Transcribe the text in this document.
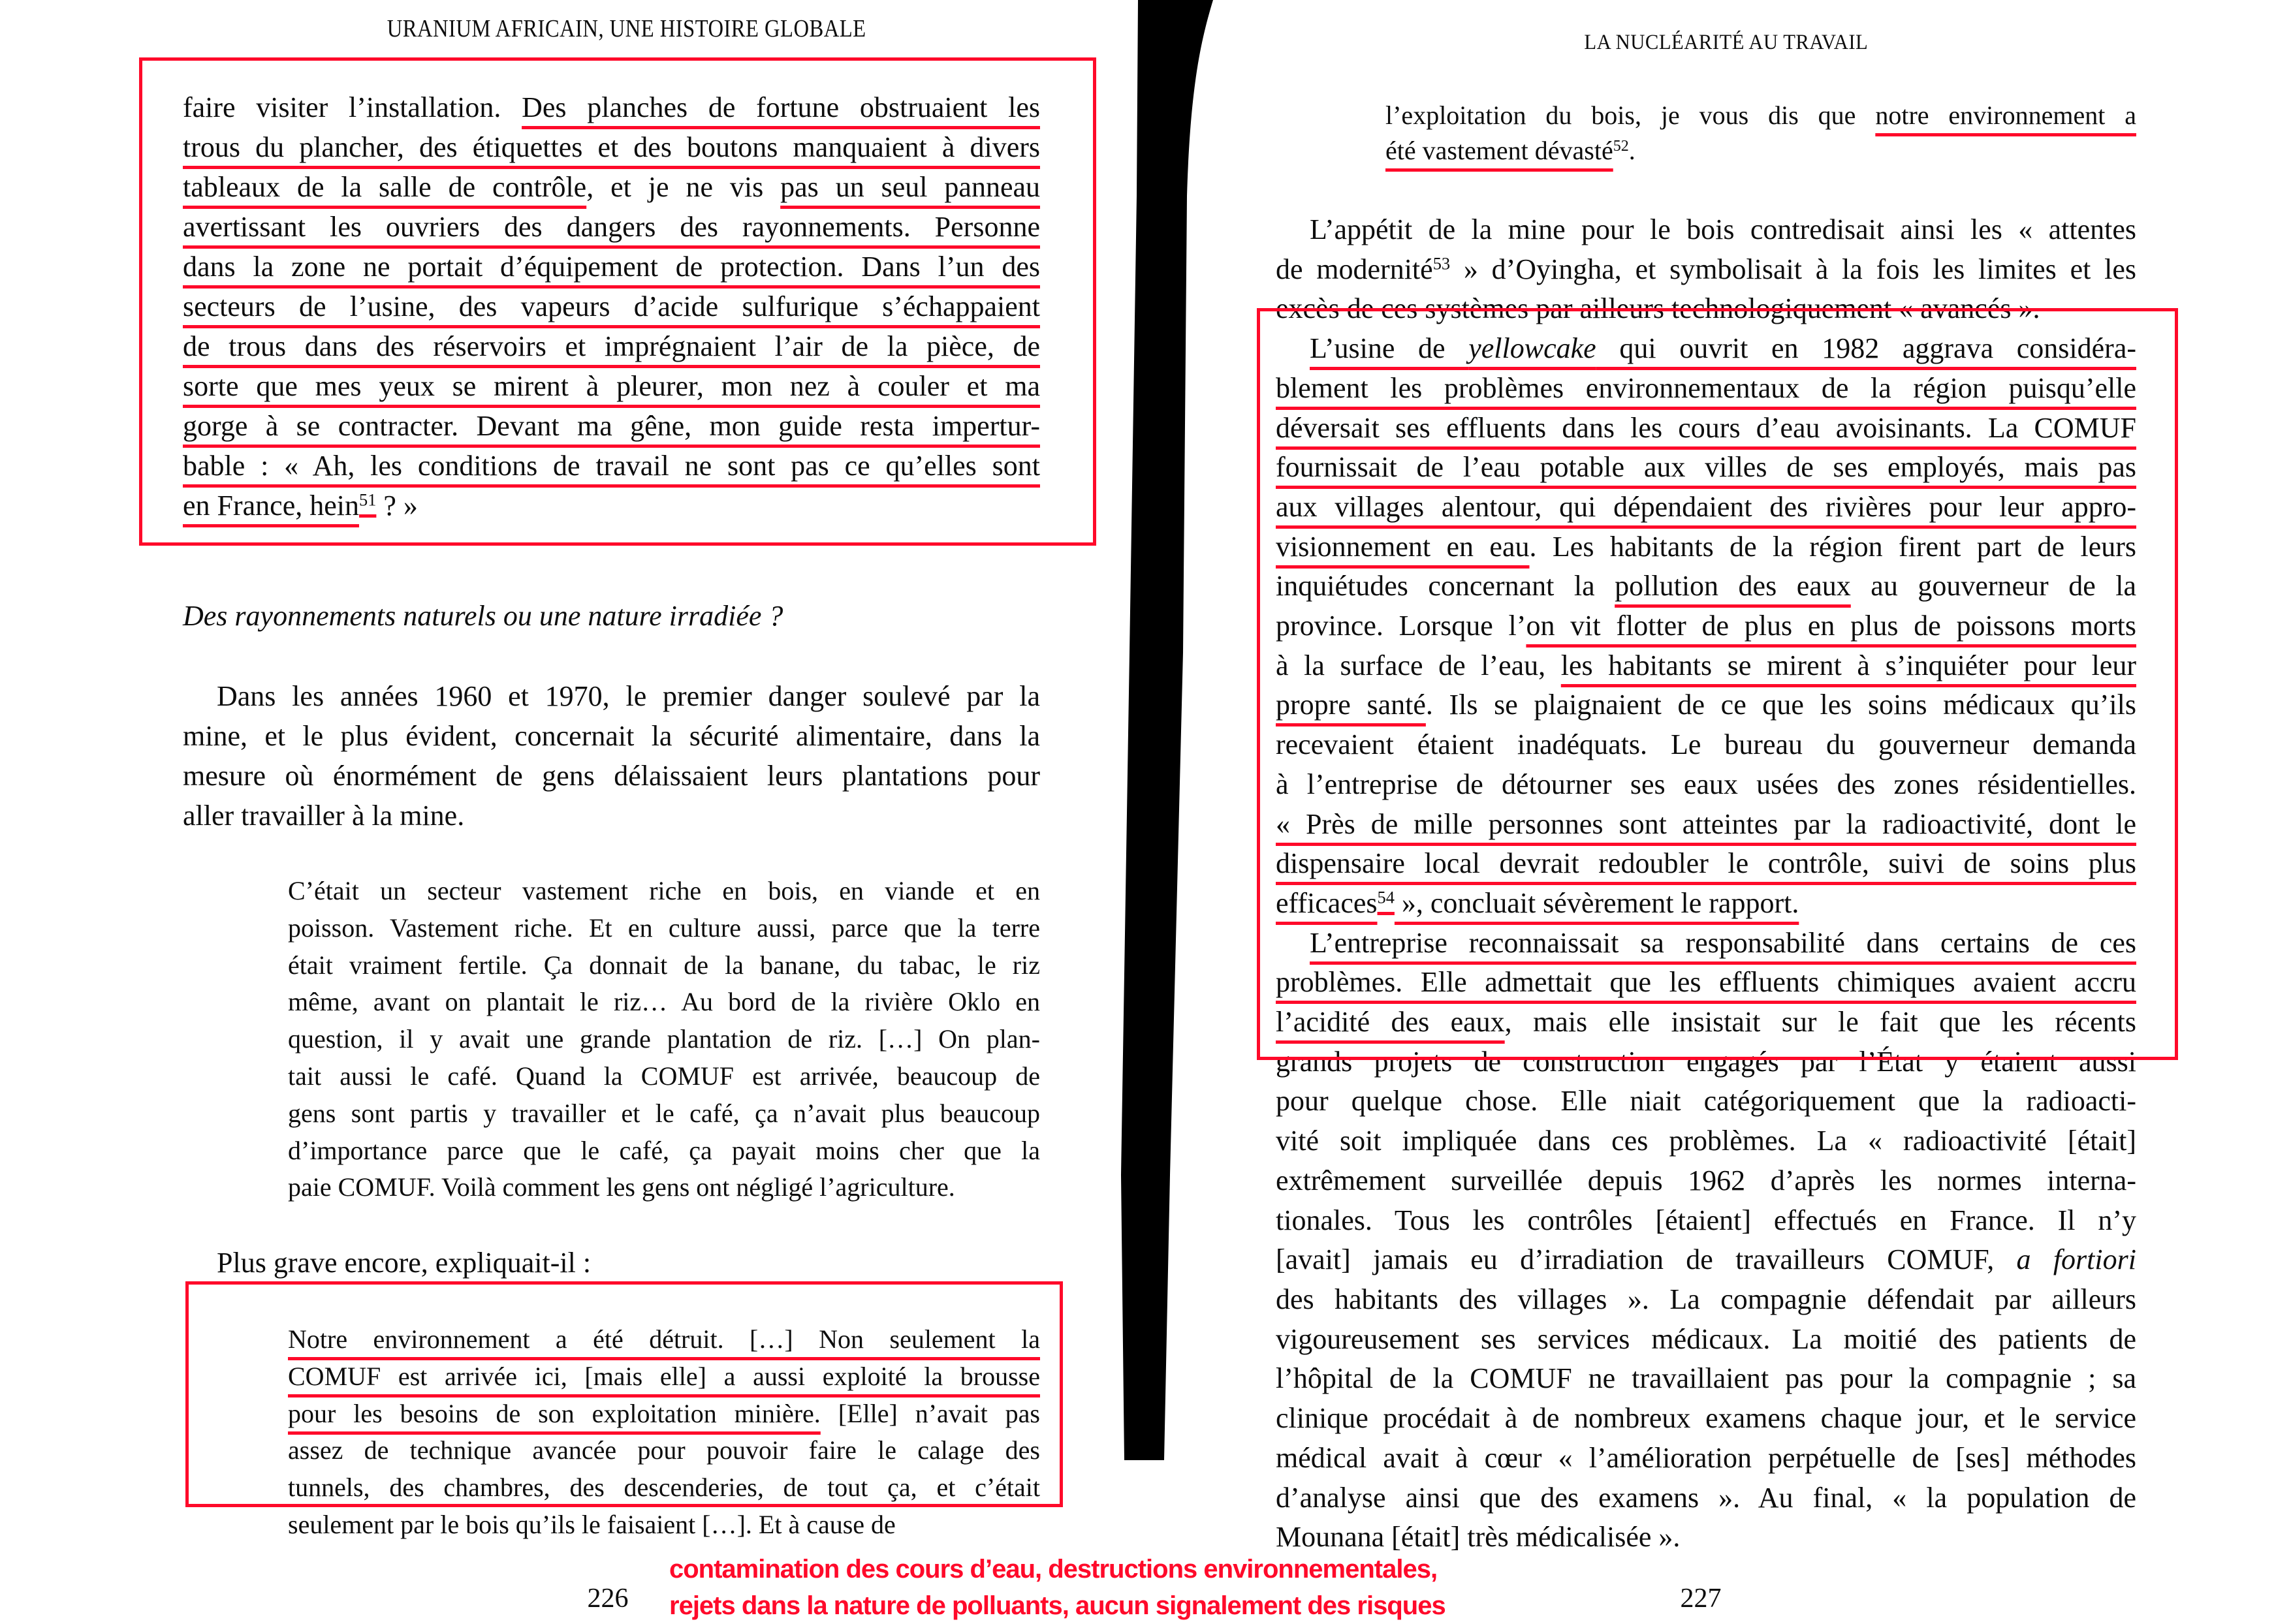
URANIUM AFRICAIN, UNE HISTOIRE GLOBALE
faire visiter l’installation. Des planches de fortune obstruaient les
trous du plancher, des étiquettes et des boutons manquaient à divers
tableaux de la salle de contrôle, et je ne vis pas un seul panneau
avertissant les ouvriers des dangers des rayonnements. Personne
dans la zone ne portait d’équipement de protection. Dans l’un des
secteurs de l’usine, des vapeurs d’acide sulfurique s’échappaient
de trous dans des réservoirs et imprégnaient l’air de la pièce, de
sorte que mes yeux se mirent à pleurer, mon nez à couler et ma
gorge à se contracter. Devant ma gêne, mon guide resta impertur-
bable : « Ah, les conditions de travail ne sont pas ce qu’elles sont
en France, hein$^{51}$ ? »
Des rayonnements naturels ou une nature irradiée ?
Dans les années 1960 et 1970, le premier danger soulevé par la
mine, et le plus évident, concernait la sécurité alimentaire, dans la
mesure où énormément de gens délaissaient leurs plantations pour
aller travailler à la mine.
C’était un secteur vastement riche en bois, en viande et en
poisson. Vastement riche. Et en culture aussi, parce que la terre
était vraiment fertile. Ça donnait de la banane, du tabac, le riz
même, avant on plantait le riz… Au bord de la rivière Oklo en
question, il y avait une grande plantation de riz. […] On plan-
tait aussi le café. Quand la COMUF est arrivée, beaucoup de
gens sont partis y travailler et le café, ça n’avait plus beaucoup
d’importance parce que le café, ça payait moins cher que la
paie COMUF. Voilà comment les gens ont négligé l’agriculture.
Plus grave encore, expliquait-il :
Notre environnement a été détruit. […] Non seulement la
COMUF est arrivée ici, [mais elle] a aussi exploité la brousse
pour les besoins de son exploitation minière. [Elle] n’avait pas
assez de technique avancée pour pouvoir faire le calage des
tunnels, des chambres, des descenderies, de tout ça, et c’était
seulement par le bois qu’ils le faisaient […]. Et à cause de
226
LA NUCLÉARITÉ AU TRAVAIL
l’exploitation du bois, je vous dis que notre environnement a
été vastement dévasté$^{52}$.
L’appétit de la mine pour le bois contredisait ainsi les « attentes
de modernité$^{53}$ » d’Oyingha, et symbolisait à la fois les limites et les
excès de ces systèmes par ailleurs technologiquement « avancés ».
L’usine de yellowcake qui ouvrit en 1982 aggrava considéra-
blement les problèmes environnementaux de la région puisqu’elle
déversait ses effluents dans les cours d’eau avoisinants. La COMUF
fournissait de l’eau potable aux villes de ses employés, mais pas
aux villages alentour, qui dépendaient des rivières pour leur appro-
visionnement en eau. Les habitants de la région firent part de leurs
inquiétudes concernant la pollution des eaux au gouverneur de la
province. Lorsque l’on vit flotter de plus en plus de poissons morts
à la surface de l’eau, les habitants se mirent à s’inquiéter pour leur
propre santé. Ils se plaignaient de ce que les soins médicaux qu’ils
recevaient étaient inadéquats. Le bureau du gouverneur demanda
à l’entreprise de détourner ses eaux usées des zones résidentielles.
« Près de mille personnes sont atteintes par la radioactivité, dont le
dispensaire local devrait redoubler le contrôle, suivi de soins plus
efficaces$^{54}$ », concluait sévèrement le rapport.
L’entreprise reconnaissait sa responsabilité dans certains de ces
problèmes. Elle admettait que les effluents chimiques avaient accru
l’acidité des eaux, mais elle insistait sur le fait que les récents
grands projets de construction engagés par l’État y étaient aussi
pour quelque chose. Elle niait catégoriquement que la radioacti-
vité soit impliquée dans ces problèmes. La « radioactivité [était]
extrêmement surveillée depuis 1962 d’après les normes interna-
tionales. Tous les contrôles [étaient] effectués en France. Il n’y
[avait] jamais eu d’irradiation de travailleurs COMUF, a fortiori
des habitants des villages ». La compagnie défendait par ailleurs
vigoureusement ses services médicaux. La moitié des patients de
l’hôpital de la COMUF ne travaillaient pas pour la compagnie ; sa
clinique procédait à de nombreux examens chaque jour, et le service
médical avait à cœur « l’amélioration perpétuelle de [ses] méthodes
d’analyse ainsi que des examens ». Au final, « la population de
Mounana [était] très médicalisée ».
227
contamination des cours d’eau, destructions environnementales,
rejets dans la nature de polluants, aucun signalement des risques
